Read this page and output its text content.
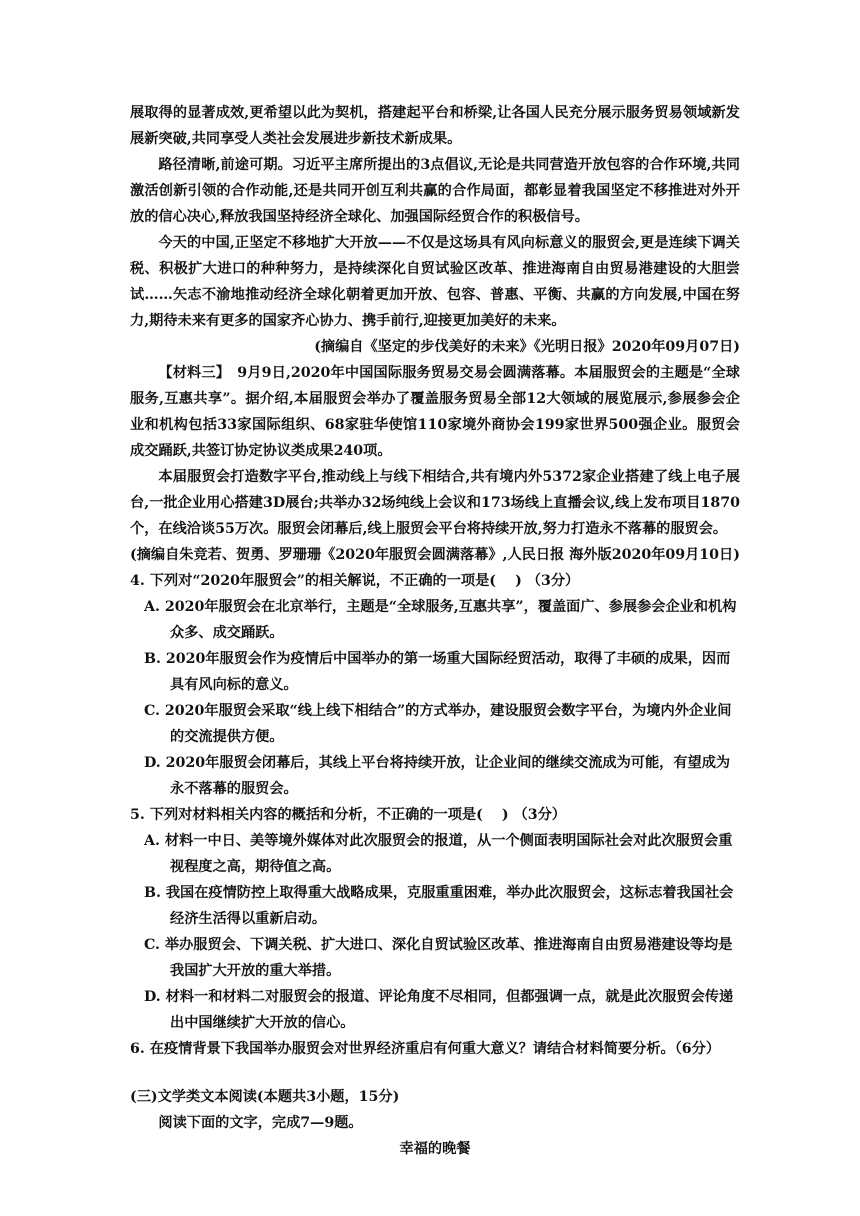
展取得的显著成效,更希望以此为契机，搭建起平台和桥梁,让各国人民充分展示服务贸易领域新发展新突破,共同享受人类社会发展进步新技术新成果。

路径清晰,前途可期。习近平主席所提出的3点倡议,无论是共同营造开放包容的合作环境,共同激活创新引领的合作动能,还是共同开创互利共赢的合作局面，都彰显着我国坚定不移推进对外开放的信心决心,释放我国坚持经济全球化、加强国际经贸合作的积极信号。

今天的中国,正坚定不移地扩大开放——不仅是这场具有风向标意义的服贸会,更是连续下调关税、积极扩大进口的种种努力，是持续深化自贸试验区改革、推进海南自由贸易港建设的大胆尝试……矢志不渝地推动经济全球化朝着更加开放、包容、普惠、平衡、共赢的方向发展,中国在努力,期待未来有更多的国家齐心协力、携手前行,迎接更加美好的未来。

(摘编自《坚定的步伐美好的未来》《光明日报》2020年09月07日)

【材料三】　9月9日,2020年中国国际服务贸易交易会圆满落幕。本届服贸会的主题是“全球服务,互惠共享”。据介绍,本届服贸会举办了覆盖服务贸易全部12大领域的展览展示,参展参会企业和机构包括33家国际组织、68家驻华使馆110家境外商协会199家世界500强企业。服贸会成交踊跃,共签订协定协议类成果240项。

本届服贸会打造数字平台,推动线上与线下相结合,共有境内外5372家企业搭建了线上电子展台,一批企业用心搭建3D展台;共举办32场纯线上会议和173场线上直播会议,线上发布项目1870个，在线洽谈55万次。服贸会闭幕后,线上服贸会平台将持续开放,努力打造永不落幕的服贸会。

(摘编自朱竞若、贺勇、罗珊珊《2020年服贸会圆满落幕》,人民日报 海外版2020年09月10日)

4. 下列对“2020年服贸会”的相关解说，不正确的一项是(　 ) （3分）

A. 2020年服贸会在北京举行，主题是“全球服务,互惠共享”，覆盖面广、参展参会企业和机构众多、成交踊跃。

B. 2020年服贸会作为疫情后中国举办的第一场重大国际经贸活动，取得了丰硕的成果，因而具有风向标的意义。

C. 2020年服贸会采取“线上线下相结合”的方式举办，建设服贸会数字平台，为境内外企业间的交流提供方便。

D. 2020年服贸会闭幕后，其线上平台将持续开放，让企业间的继续交流成为可能，有望成为永不落幕的服贸会。

5. 下列对材料相关内容的概括和分析，不正确的一项是(　 ) （3分）

A. 材料一中日、美等境外媒体对此次服贸会的报道，从一个侧面表明国际社会对此次服贸会重视程度之高，期待值之高。

B. 我国在疫情防控上取得重大战略成果，克服重重困难，举办此次服贸会，这标志着我国社会经济生活得以重新启动。

C. 举办服贸会、下调关税、扩大进口、深化自贸试验区改革、推进海南自由贸易港建设等均是我国扩大开放的重大举措。

D. 材料一和材料二对服贸会的报道、评论角度不尽相同，但都强调一点，就是此次服贸会传递出中国继续扩大开放的信心。

6. 在疫情背景下我国举办服贸会对世界经济重启有何重大意义？请结合材料简要分析。（6分）

(三)文学类文本阅读(本题共3小题，15分)

阅读下面的文字，完成7—9题。

幸福的晚餐
